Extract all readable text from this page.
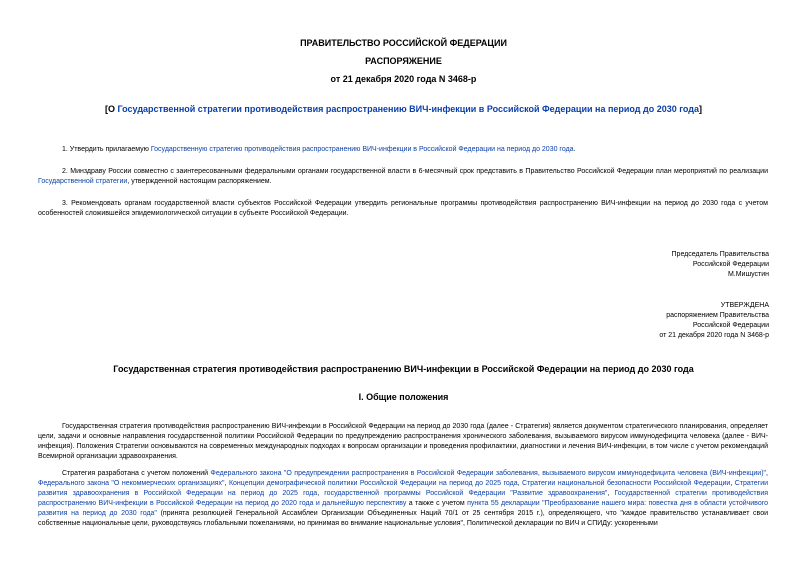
ПРАВИТЕЛЬСТВО РОССИЙСКОЙ ФЕДЕРАЦИИ
РАСПОРЯЖЕНИЕ
от 21 декабря 2020 года N 3468-р
[О Государственной стратегии противодействия распространению ВИЧ-инфекции в Российской Федерации на период до 2030 года]

1. Утвердить прилагаемую Государственную стратегию противодействия распространению ВИЧ-инфекции в Российской Федерации на период до 2030 года.

2. Минздраву России совместно с заинтересованными федеральными органами государственной власти в 6-месячный срок представить в Правительство Российской Федерации план мероприятий по реализации Государственной стратегии, утвержденной настоящим распоряжением.

3. Рекомендовать органам государственной власти субъектов Российской Федерации утвердить региональные программы противодействия распространению ВИЧ-инфекции на период до 2030 года с учетом особенностей сложившейся эпидемиологической ситуации в субъекте Российской Федерации.

Председатель Правительства
Российской Федерации
М.Мишустин
УТВЕРЖДЕНА
распоряжением Правительства
Российской Федерации
от 21 декабря 2020 года N 3468-р
Государственная стратегия противодействия распространению ВИЧ-инфекции в Российской Федерации на период до 2030 года
I. Общие положения

Государственная стратегия противодействия распространению ВИЧ-инфекции в Российской Федерации на период до 2030 года (далее - Стратегия) является документом стратегического планирования, определяет цели, задачи и основные направления государственной политики Российской Федерации по предупреждению распространения хронического заболевания, вызываемого вирусом иммунодефицита человека (далее - ВИЧ-инфекция). Положения Стратегии основываются на современных международных подходах к вопросам организации и проведения профилактики, диагностики и лечения ВИЧ-инфекции, в том числе с учетом рекомендаций Всемирной организации здравоохранения.

Стратегия разработана с учетом положений Федерального закона "О предупреждении распространения в Российской Федерации заболевания, вызываемого вирусом иммунодефицита человека (ВИЧ-инфекции)", Федерального закона "О некоммерческих организациях", Концепции демографической политики Российской Федерации на период до 2025 года, Стратегии национальной безопасности Российской Федерации, Стратегии развития здравоохранения в Российской Федерации на период до 2025 года, государственной программы Российской Федерации "Развитие здравоохранения", Государственной стратегии противодействия распространению ВИЧ-инфекции в Российской Федерации на период до 2020 года и дальнейшую перспективу а также с учетом пункта 55 декларации "Преобразование нашего мира: повестка дня в области устойчивого развития на период до 2030 года" (принята резолюцией Генеральной Ассамблеи Организации Объединенных Наций 70/1 от 25 сентября 2015 г.), определяющего, что "каждое правительство устанавливает свои собственные национальные цели, руководствуясь глобальными пожеланиями, но принимая во внимание национальные условия", Политической декларации по ВИЧ и СПИДу: ускоренными
